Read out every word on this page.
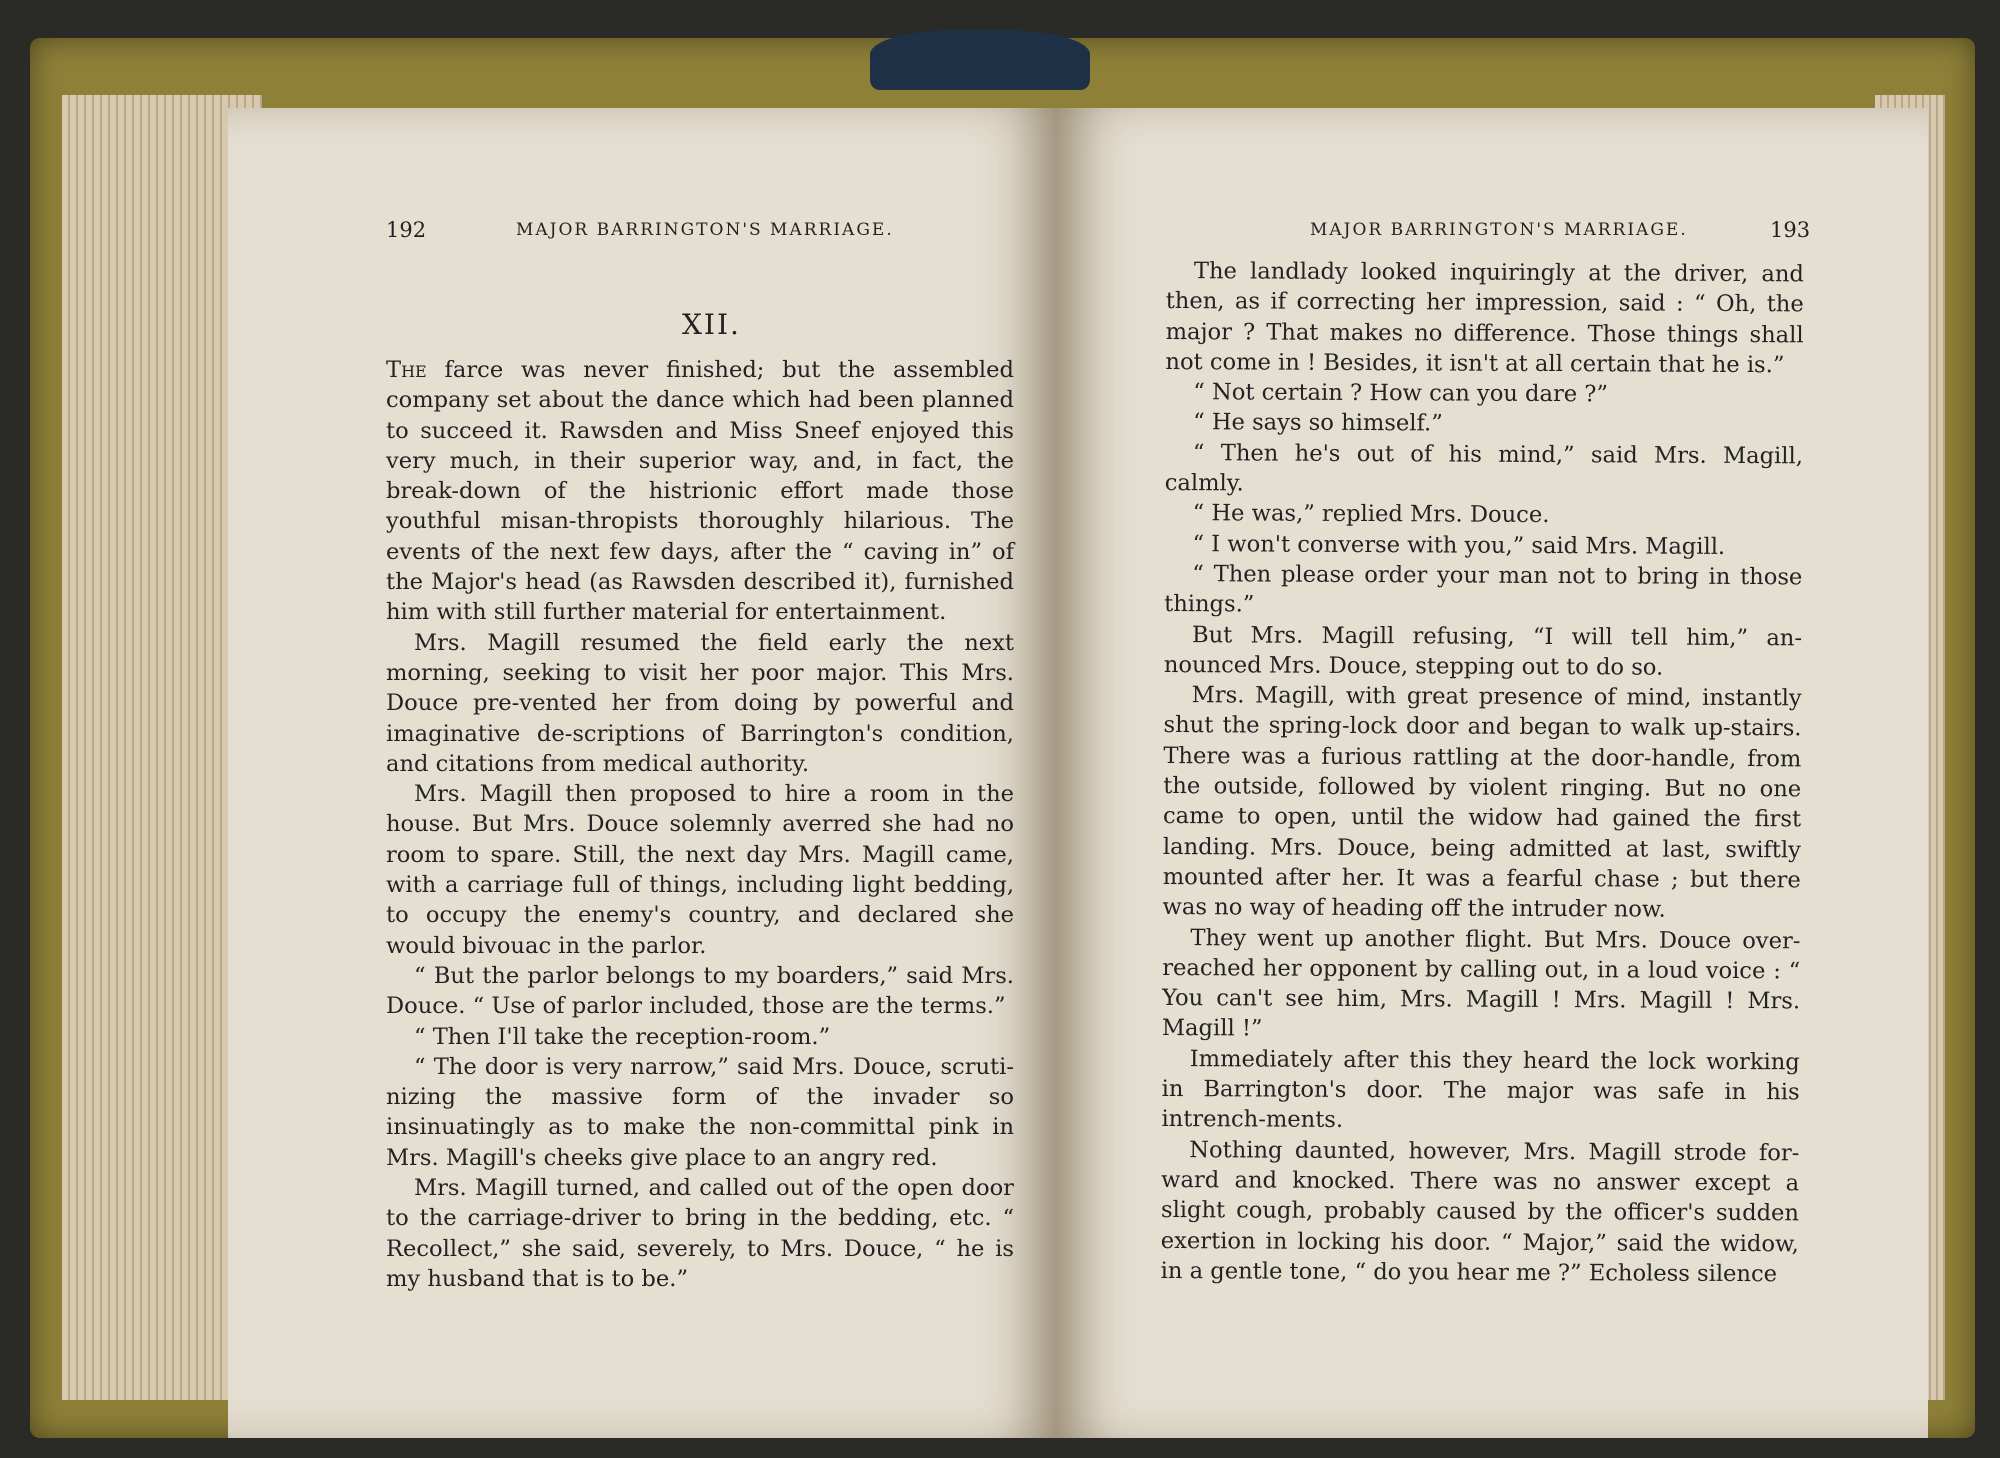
192	MAJOR BARRINGTON'S MARRIAGE.
XII.

The farce was never finished; but the assembled company set about the dance which had been planned to succeed it. Rawsden and Miss Sneef enjoyed this very much, in their superior way, and, in fact, the break-down of the histrionic effort made those youthful misan-thropists thoroughly hilarious. The events of the next few days, after the “ caving in” of the Major's head (as Rawsden described it), furnished him with still further material for entertainment.

Mrs. Magill resumed the field early the next morning, seeking to visit her poor major. This Mrs. Douce pre-vented her from doing by powerful and imaginative de-scriptions of Barrington's condition, and citations from medical authority.

Mrs. Magill then proposed to hire a room in the house. But Mrs. Douce solemnly averred she had no room to spare. Still, the next day Mrs. Magill came, with a carriage full of things, including light bedding, to occupy the enemy's country, and declared she would bivouac in the parlor.

“ But the parlor belongs to my boarders,” said Mrs. Douce. “ Use of parlor included, those are the terms.”

“ Then I'll take the reception-room.”

“ The door is very narrow,” said Mrs. Douce, scruti-nizing the massive form of the invader so insinuatingly as to make the non-committal pink in Mrs. Magill's cheeks give place to an angry red.

Mrs. Magill turned, and called out of the open door to the carriage-driver to bring in the bedding, etc. “ Recollect,” she said, severely, to Mrs. Douce, “ he is my husband that is to be.”

MAJOR BARRINGTON'S MARRIAGE.	193

The landlady looked inquiringly at the driver, and then, as if correcting her impression, said : “ Oh, the major ? That makes no difference. Those things shall not come in ! Besides, it isn't at all certain that he is.”

“ Not certain ? How can you dare ?”

“ He says so himself.”

“ Then he's out of his mind,” said Mrs. Magill, calmly.

“ He was,” replied Mrs. Douce.

“ I won't converse with you,” said Mrs. Magill.

“ Then please order your man not to bring in those things.”

But Mrs. Magill refusing, “I will tell him,” an-nounced Mrs. Douce, stepping out to do so.

Mrs. Magill, with great presence of mind, instantly shut the spring-lock door and began to walk up-stairs. There was a furious rattling at the door-handle, from the outside, followed by violent ringing. But no one came to open, until the widow had gained the first landing. Mrs. Douce, being admitted at last, swiftly mounted after her. It was a fearful chase ; but there was no way of heading off the intruder now.

They went up another flight. But Mrs. Douce over-reached her opponent by calling out, in a loud voice : “ You can't see him, Mrs. Magill ! Mrs. Magill ! Mrs. Magill !”

Immediately after this they heard the lock working in Barrington's door. The major was safe in his intrench-ments.

Nothing daunted, however, Mrs. Magill strode for-ward and knocked. There was no answer except a slight cough, probably caused by the officer's sudden exertion in locking his door. “ Major,” said the widow, in a gentle tone, “ do you hear me ?” Echoless silence
